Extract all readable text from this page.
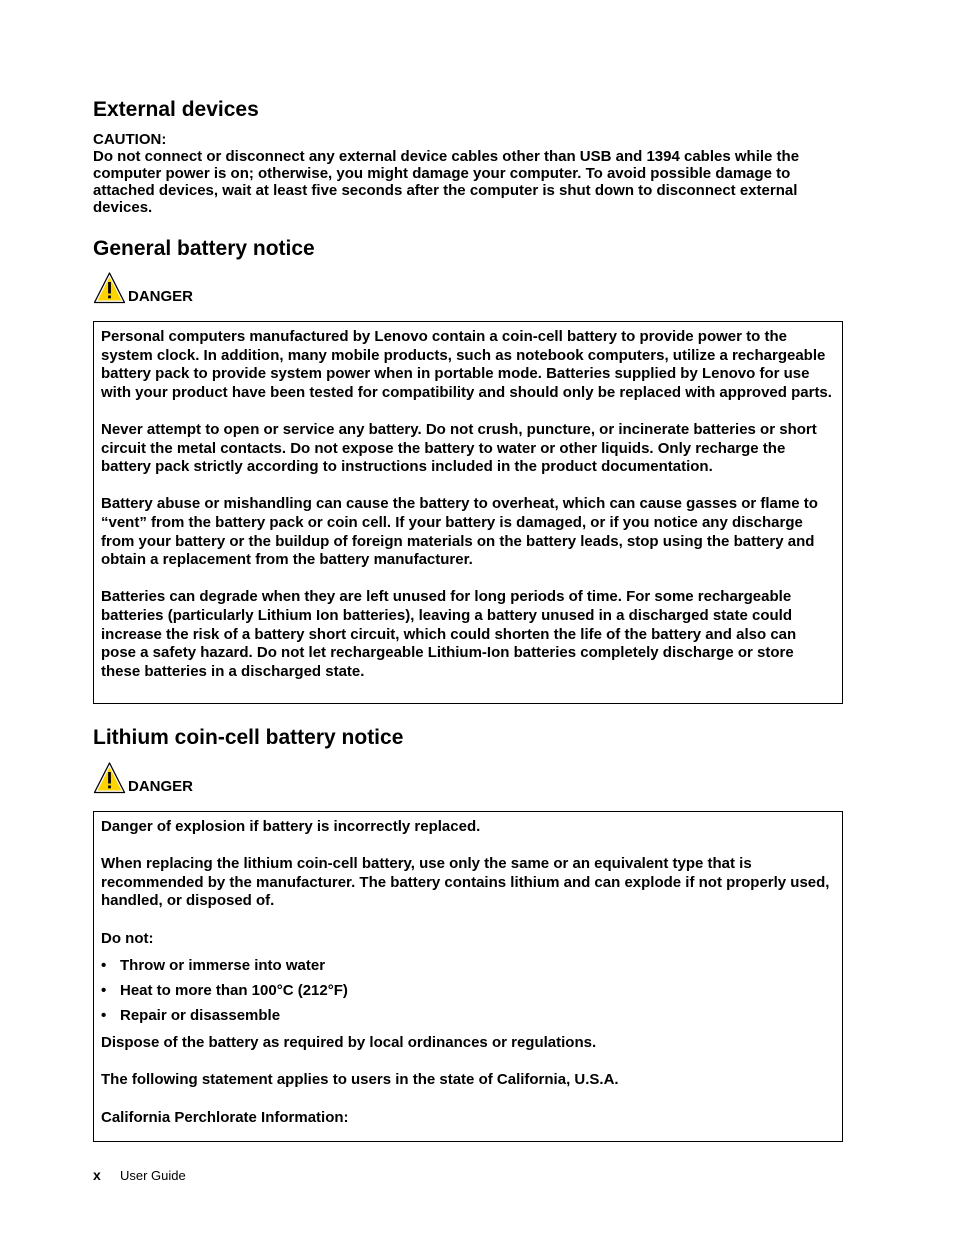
External devices

CAUTION:

Do not connect or disconnect any external device cables other than USB and 1394 cables while the computer power is on; otherwise, you might damage your computer. To avoid possible damage to attached devices, wait at least five seconds after the computer is shut down to disconnect external devices.

General battery notice
DANGER

Personal computers manufactured by Lenovo contain a coin-cell battery to provide power to the system clock. In addition, many mobile products, such as notebook computers, utilize a rechargeable battery pack to provide system power when in portable mode. Batteries supplied by Lenovo for use with your product have been tested for compatibility and should only be replaced with approved parts.

Never attempt to open or service any battery. Do not crush, puncture, or incinerate batteries or short circuit the metal contacts. Do not expose the battery to water or other liquids. Only recharge the battery pack strictly according to instructions included in the product documentation.

Battery abuse or mishandling can cause the battery to overheat, which can cause gasses or flame to “vent” from the battery pack or coin cell. If your battery is damaged, or if you notice any discharge from your battery or the buildup of foreign materials on the battery leads, stop using the battery and obtain a replacement from the battery manufacturer.

Batteries can degrade when they are left unused for long periods of time. For some rechargeable batteries (particularly Lithium Ion batteries), leaving a battery unused in a discharged state could increase the risk of a battery short circuit, which could shorten the life of the battery and also can pose a safety hazard. Do not let rechargeable Lithium-Ion batteries completely discharge or store these batteries in a discharged state.

Lithium coin-cell battery notice
DANGER

Danger of explosion if battery is incorrectly replaced.

When replacing the lithium coin-cell battery, use only the same or an equivalent type that is recommended by the manufacturer. The battery contains lithium and can explode if not properly used, handled, or disposed of.

Do not:

• Throw or immerse into water
• Heat to more than 100°C (212°F)
• Repair or disassemble

Dispose of the battery as required by local ordinances or regulations.

The following statement applies to users in the state of California, U.S.A.

California Perchlorate Information:

x	User Guide
